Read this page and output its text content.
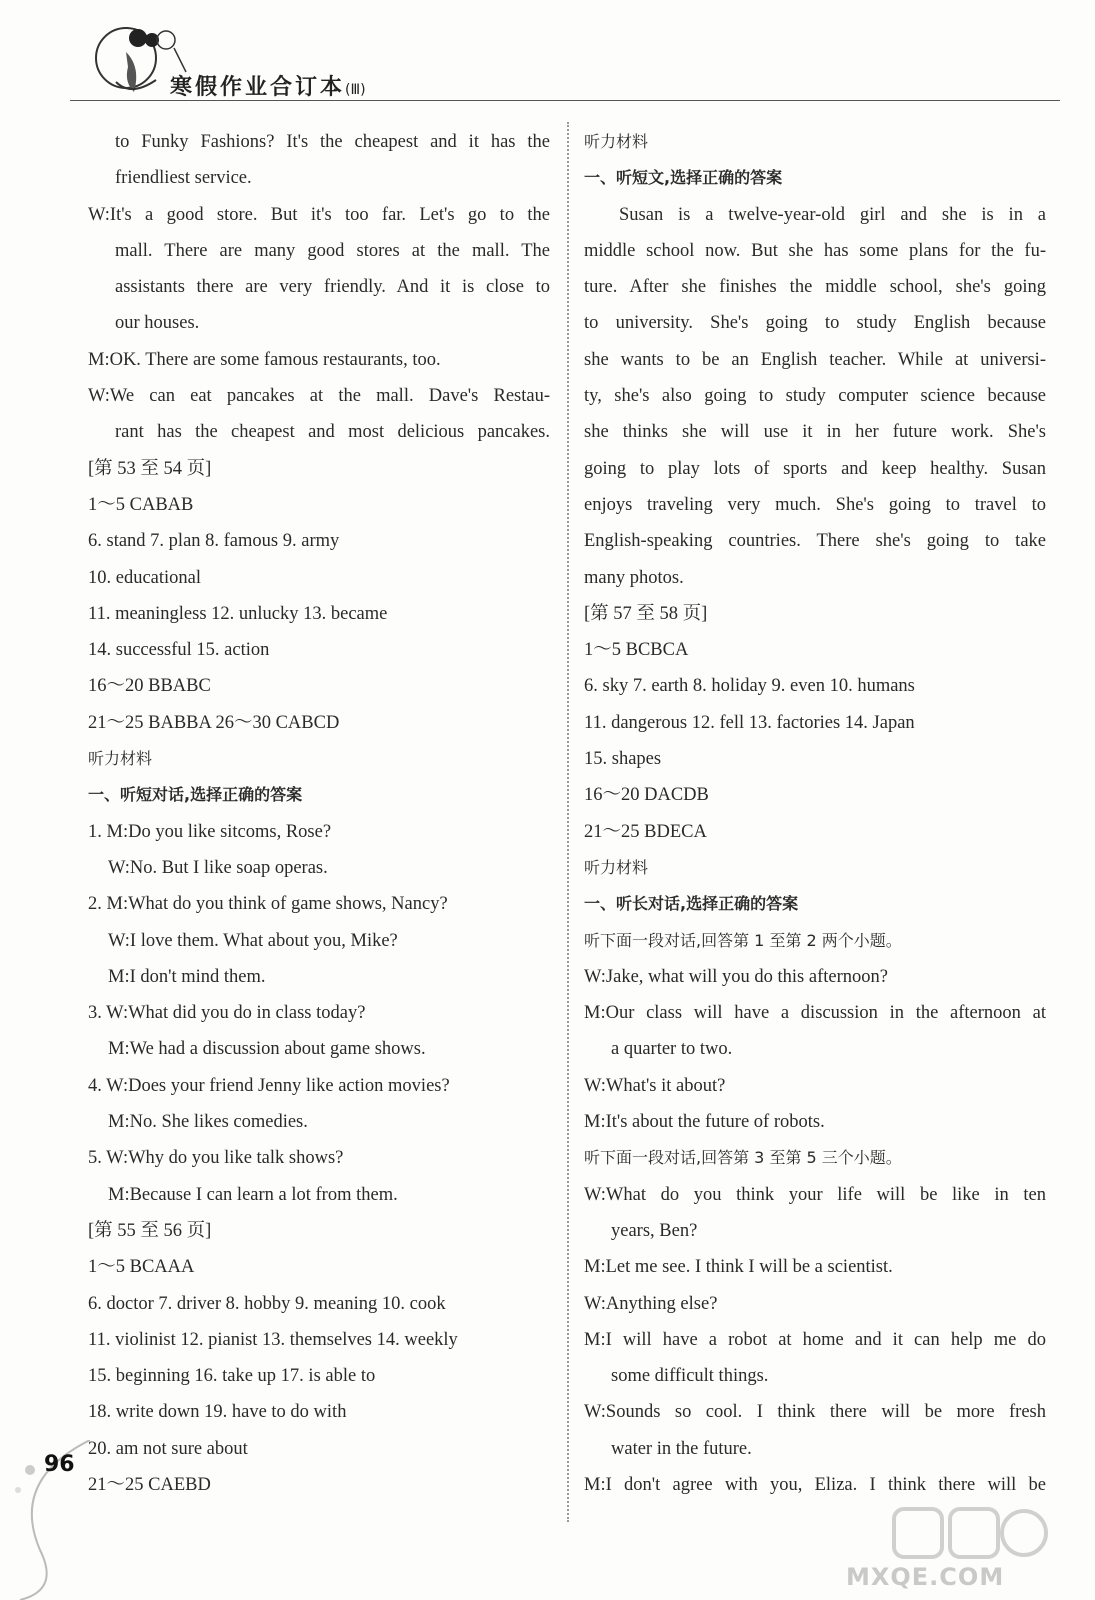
寒假作业合订本(Ⅲ)
to Funky Fashions? It's the cheapest and it has the
friendliest service.
W:It's a good store. But it's too far. Let's go to the
mall. There are many good stores at the mall. The
assistants there are very friendly. And it is close to
our houses.
M:OK. There are some famous restaurants, too.
W:We can eat pancakes at the mall. Dave's Restau-
rant has the cheapest and most delicious pancakes.
[第 53 至 54 页]
1～5 CABAB
6. stand 7. plan 8. famous 9. army
10. educational
11. meaningless 12. unlucky 13. became
14. successful 15. action
16～20 BBABC
21～25 BABBA 26～30 CABCD
听力材料
一、听短对话,选择正确的答案
1. M:Do you like sitcoms, Rose?
W:No. But I like soap operas.
2. M:What do you think of game shows, Nancy?
W:I love them. What about you, Mike?
M:I don't mind them.
3. W:What did you do in class today?
M:We had a discussion about game shows.
4. W:Does your friend Jenny like action movies?
M:No. She likes comedies.
5. W:Why do you like talk shows?
M:Because I can learn a lot from them.
[第 55 至 56 页]
1～5 BCAAA
6. doctor 7. driver 8. hobby 9. meaning 10. cook
11. violinist 12. pianist 13. themselves 14. weekly
15. beginning 16. take up 17. is able to
18. write down 19. have to do with
20. am not sure about
21～25 CAEBD
听力材料
一、听短文,选择正确的答案
Susan is a twelve-year-old girl and she is in a
middle school now. But she has some plans for the fu-
ture. After she finishes the middle school, she's going
to university. She's going to study English because
she wants to be an English teacher. While at universi-
ty, she's also going to study computer science because
she thinks she will use it in her future work. She's
going to play lots of sports and keep healthy. Susan
enjoys traveling very much. She's going to travel to
English-speaking countries. There she's going to take
many photos.
[第 57 至 58 页]
1～5 BCBCA
6. sky 7. earth 8. holiday 9. even 10. humans
11. dangerous 12. fell 13. factories 14. Japan
15. shapes
16～20 DACDB
21～25 BDECA
听力材料
一、听长对话,选择正确的答案
听下面一段对话,回答第 1 至第 2 两个小题。
W:Jake, what will you do this afternoon?
M:Our class will have a discussion in the afternoon at
a quarter to two.
W:What's it about?
M:It's about the future of robots.
听下面一段对话,回答第 3 至第 5 三个小题。
W:What do you think your life will be like in ten
years, Ben?
M:Let me see. I think I will be a scientist.
W:Anything else?
M:I will have a robot at home and it can help me do
some difficult things.
W:Sounds so cool. I think there will be more fresh
water in the future.
M:I don't agree with you, Eliza. I think there will be
96
MXQE.COM
